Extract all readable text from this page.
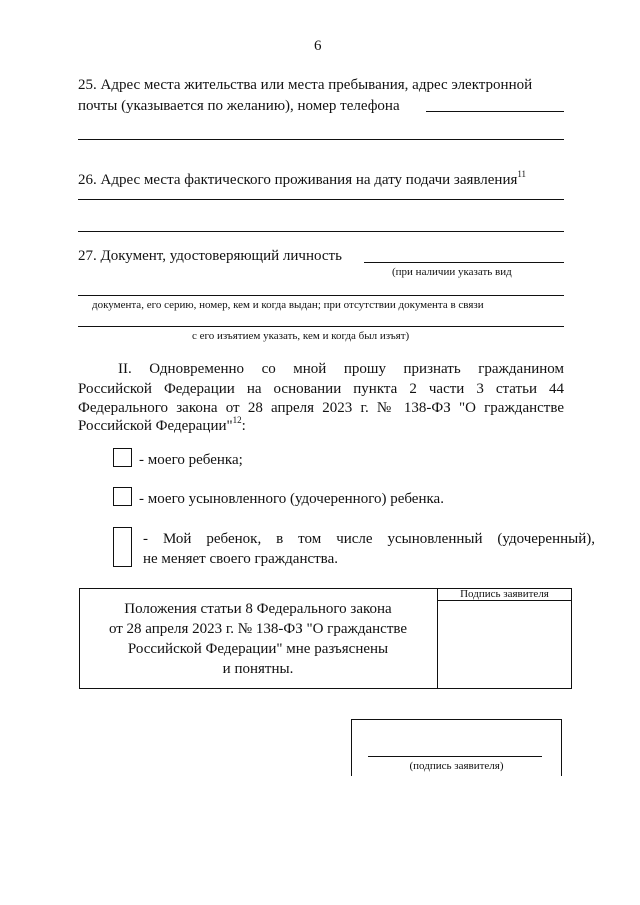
6
25. Адрес места жительства или места пребывания, адрес электронной
почты (указывается по желанию), номер телефона
26. Адрес места фактического проживания на дату подачи заявления$^{11}$
27. Документ, удостоверяющий личность
(при наличии указать вид
документа, его серию, номер, кем и когда выдан; при отсутствии документа в связи
с его изъятием указать, кем и когда был изъят)
II. Одновременно со мной прошу признать гражданином
Российской Федерации на основании пункта 2 части 3 статьи 44
Федерального закона от 28 апреля 2023 г. № 138-ФЗ "О гражданстве
Российской Федерации"$^{12}$:
- моего ребенка;
- моего усыновленного (удочеренного) ребенка.
- Мой ребенок, в том числе усыновленный (удочеренный),
не меняет своего гражданства.
Подпись заявителя
Положения статьи 8 Федерального закона
от 28 апреля 2023 г. № 138-ФЗ "О гражданстве
Российской Федерации" мне разъяснены
и понятны.
(подпись заявителя)
